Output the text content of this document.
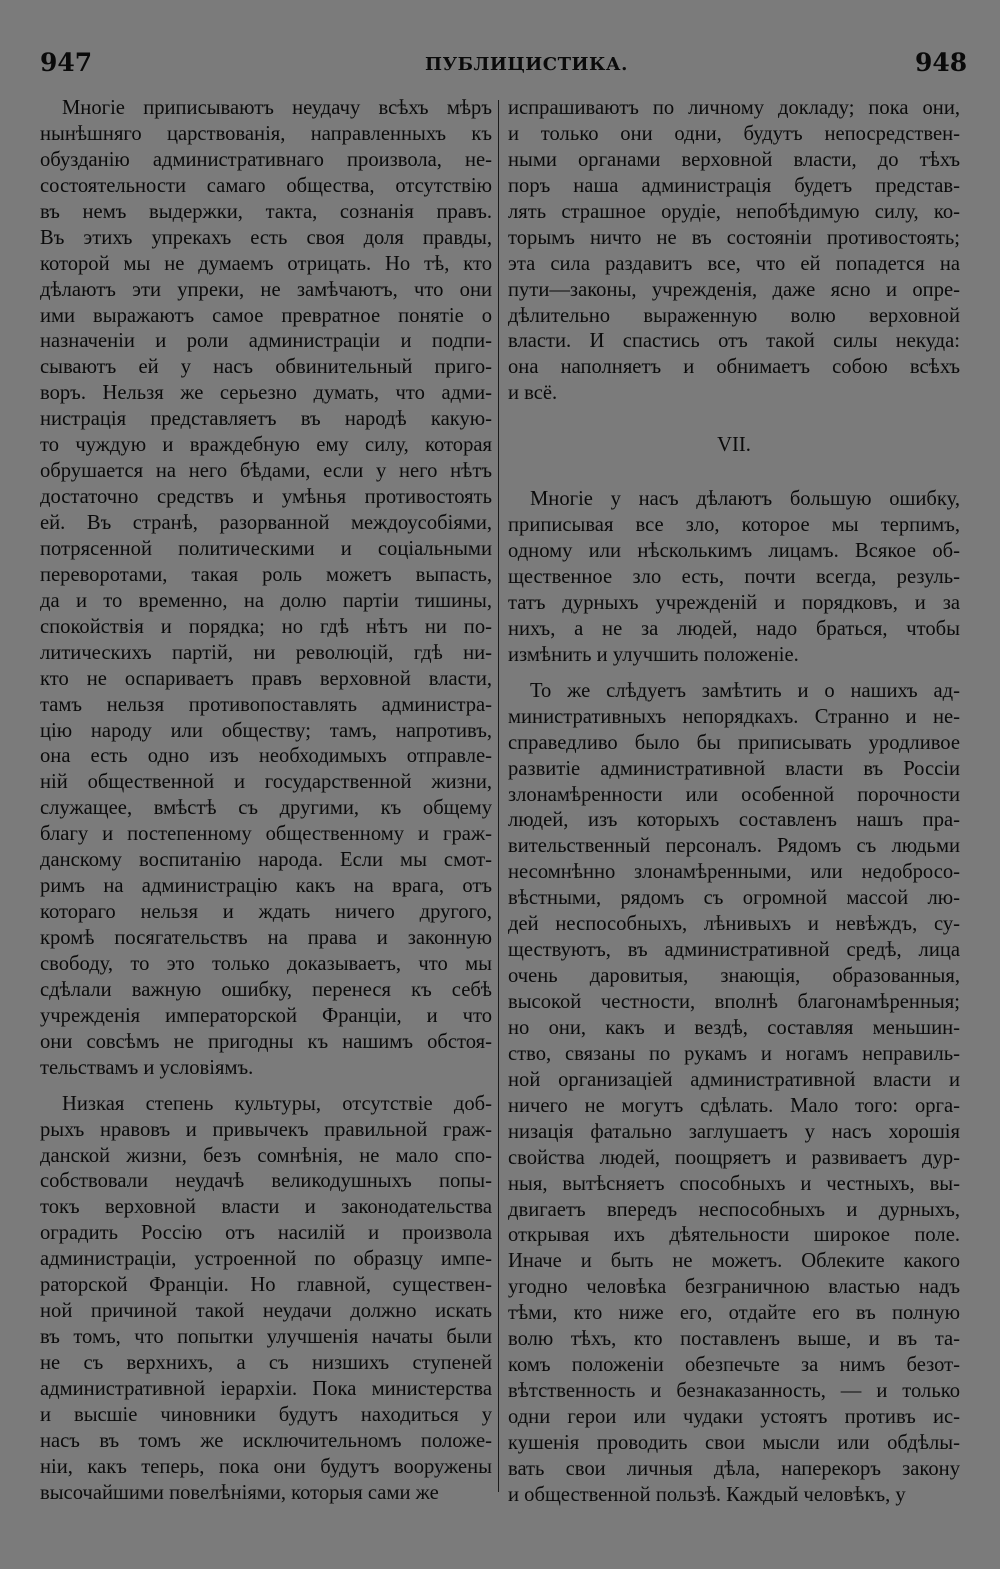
947	ПУБЛИЦИСТИКА.	948
Многіе приписываютъ неудачу всѣхъ мѣръ
нынѣшняго царствованія, направленныхъ къ
обузданію административнаго произвола, не-
состоятельности самаго общества, отсутствію
въ немъ выдержки, такта, сознанія правъ.
Въ этихъ упрекахъ есть своя доля правды,
которой мы не думаемъ отрицать. Но тѣ, кто
дѣлаютъ эти упреки, не замѣчаютъ, что они
ими выражаютъ самое превратное понятіе о
назначеніи и роли администраціи и подпи-
сываютъ ей у насъ обвинительный приго-
воръ. Нельзя же серьезно думать, что адми-
нистрація представляетъ въ народѣ какую-
то чуждую и враждебную ему силу, которая
обрушается на него бѣдами, если у него нѣтъ
достаточно средствъ и умѣнья противостоять
ей. Въ странѣ, разорванной междоусобіями,
потрясенной политическими и соціальными
переворотами, такая роль можетъ выпасть,
да и то временно, на долю партіи тишины,
спокойствія и порядка; но гдѣ нѣтъ ни по-
литическихъ партій, ни революцій, гдѣ ни-
кто не оспариваетъ правъ верховной власти,
тамъ нельзя противопоставлять администра-
цію народу или обществу; тамъ, напротивъ,
она есть одно изъ необходимыхъ отправле-
ній общественной и государственной жизни,
служащее, вмѣстѣ съ другими, къ общему
благу и постепенному общественному и граж-
данскому воспитанію народа. Если мы смот-
римъ на администрацію какъ на врага, отъ
котораго нельзя и ждать ничего другого,
кромѣ посягательствъ на права и законную
свободу, то это только доказываетъ, что мы
сдѣлали важную ошибку, перенеся къ себѣ
учрежденія императорской Франціи, и что
они совсѣмъ не пригодны къ нашимъ обстоя-
тельствамъ и условіямъ.
Низкая степень культуры, отсутствіе доб-
рыхъ нравовъ и привычекъ правильной граж-
данской жизни, безъ сомнѣнія, не мало спо-
собствовали неудачѣ великодушныхъ попы-
токъ верховной власти и законодательства
оградить Россію отъ насилій и произвола
администраціи, устроенной по образцу импе-
раторской Франціи. Но главной, существен-
ной причиной такой неудачи должно искать
въ томъ, что попытки улучшенія начаты были
не съ верхнихъ, а съ низшихъ ступеней
административной іерархіи. Пока министерства
и высшіе чиновники будутъ находиться у
насъ въ томъ же исключительномъ положе-
ніи, какъ теперь, пока они будутъ вооружены
высочайшими повелѣніями, которыя сами же
испрашиваютъ по личному докладу; пока они,
и только они одни, будутъ непосредствен-
ными органами верховной власти, до тѣхъ
поръ наша администрація будетъ представ-
лять страшное орудіе, непобѣдимую силу, ко-
торымъ ничто не въ состояніи противостоять;
эта сила раздавитъ все, что ей попадется на
пути—законы, учрежденія, даже ясно и опре-
дѣлительно выраженную волю верховной
власти. И спастись отъ такой силы некуда:
она наполняетъ и обнимаетъ собою всѣхъ
и всё.
VII.
Многіе у насъ дѣлаютъ большую ошибку,
приписывая все зло, которое мы терпимъ,
одному или нѣсколькимъ лицамъ. Всякое об-
щественное зло есть, почти всегда, резуль-
татъ дурныхъ учрежденій и порядковъ, и за
нихъ, а не за людей, надо браться, чтобы
измѣнить и улучшить положеніе.
То же слѣдуетъ замѣтить и о нашихъ ад-
министративныхъ непорядкахъ. Странно и не-
справедливо было бы приписывать уродливое
развитіе административной власти въ Россіи
злонамѣренности или особенной порочности
людей, изъ которыхъ составленъ нашъ пра-
вительственный персоналъ. Рядомъ съ людьми
несомнѣнно злонамѣренными, или недобросо-
вѣстными, рядомъ съ огромной массой лю-
дей неспособныхъ, лѣнивыхъ и невѣждъ, су-
ществуютъ, въ административной средѣ, лица
очень даровитыя, знающія, образованныя,
высокой честности, вполнѣ благонамѣренныя;
но они, какъ и вездѣ, составляя меньшин-
ство, связаны по рукамъ и ногамъ неправиль-
ной организаціей административной власти и
ничего не могутъ сдѣлать. Мало того: орга-
низація фатально заглушаетъ у насъ хорошія
свойства людей, поощряетъ и развиваетъ дур-
ныя, вытѣсняетъ способныхъ и честныхъ, вы-
двигаетъ впередъ неспособныхъ и дурныхъ,
открывая ихъ дѣятельности широкое поле.
Иначе и быть не можетъ. Облеките какого
угодно человѣка безграничною властью надъ
тѣми, кто ниже его, отдайте его въ полную
волю тѣхъ, кто поставленъ выше, и въ та-
комъ положеніи обезпечьте за нимъ безот-
вѣтственность и безнаказанность, — и только
одни герои или чудаки устоятъ противъ ис-
кушенія проводить свои мысли или обдѣлы-
вать свои личныя дѣла, наперекоръ закону
и общественной пользѣ. Каждый человѣкъ, у
